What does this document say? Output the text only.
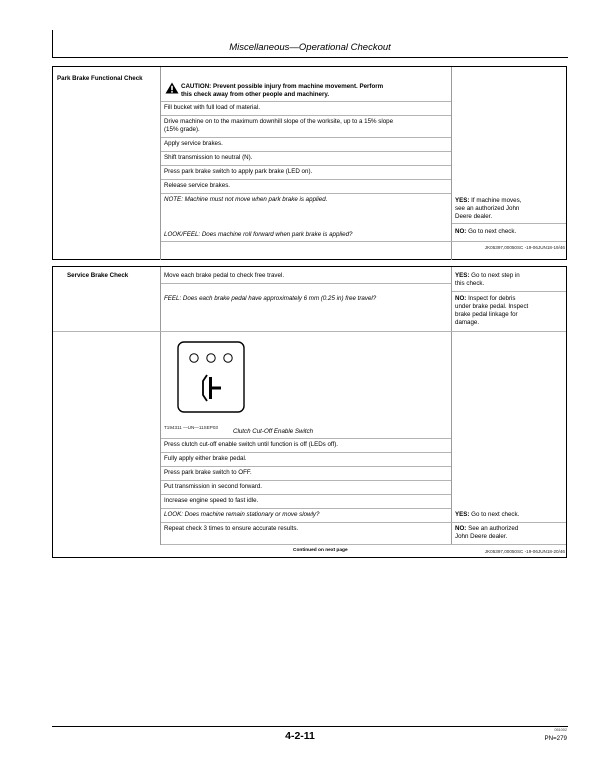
Miscellaneous—Operational Checkout
Park Brake Functional Check
CAUTION: Prevent possible injury from machine movement. Perform
this check away from other people and machinery.
Fill bucket with full load of material.
Drive machine on to the maximum downhill slope of the worksite, up to a 15% slope
(15% grade).
Apply service brakes.
Shift transmission to neutral (N).
Press park brake switch to apply park brake (LED on).
Release service brakes.
NOTE: Machine must not move when park brake is applied.	YES: If machine moves,
see an authorized John
Deere dealer.
LOOK/FEEL: Does machine roll forward when park brake is applied?	NO: Go to next check.
JK05397,00050SC -19-06JUN18-19/46
Service Brake Check	Move each brake pedal to check free travel.	YES: Go to next step in
this check.
FEEL: Does each brake pedal have approximately 6 mm (0.25 in) free travel?	NO: Inspect for debris
under brake pedal. Inspect
brake pedal linkage for
damage.
T194311 —UN—11SEP03
Clutch Cut-Off Enable Switch
Press clutch cut-off enable switch until function is off (LEDs off).
Fully apply either brake pedal.
Press park brake switch to OFF.
Put transmission in second forward.
Increase engine speed to fast idle.
LOOK: Does machine remain stationary or move slowly?	YES: Go to next check.
Repeat check 3 times to ensure accurate results.	NO: See an authorized
John Deere dealer.
Continued on next page	JK05397,00050SC -19-06JUN18-20/46
4-2-11	051002
PN=279
